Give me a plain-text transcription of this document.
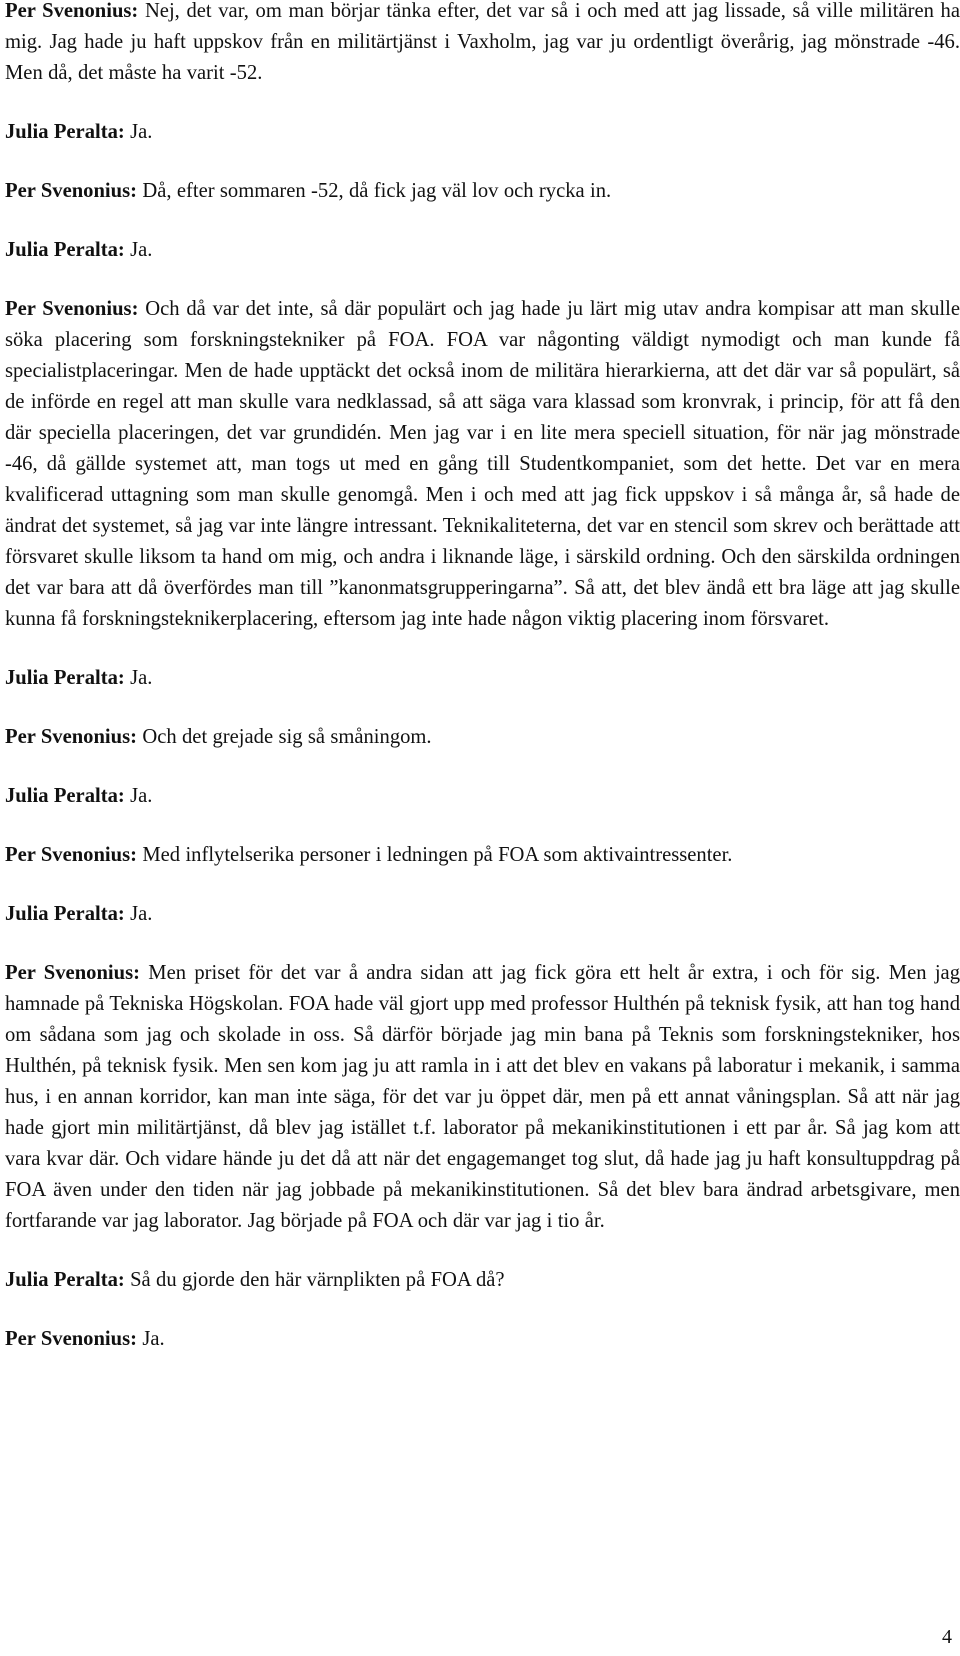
Per Svenonius: Nej, det var, om man börjar tänka efter, det var så i och med att jag lissade, så ville militären ha mig. Jag hade ju haft uppskov från en militärtjänst i Vaxholm, jag var ju ordentligt överårig, jag mönstrade -46. Men då, det måste ha varit -52.

Julia Peralta: Ja.

Per Svenonius: Då, efter sommaren -52, då fick jag väl lov och rycka in.

Julia Peralta: Ja.

Per Svenonius: Och då var det inte, så där populärt och jag hade ju lärt mig utav andra kompisar att man skulle söka placering som forskningstekniker på FOA. FOA var någonting väldigt nymodigt och man kunde få specialistplaceringar. Men de hade upptäckt det också inom de militära hierarkierna, att det där var så populärt, så de införde en regel att man skulle vara nedklassad, så att säga vara klassad som kronvrak, i princip, för att få den där speciella placeringen, det var grundidén. Men jag var i en lite mera speciell situation, för när jag mönstrade -46, då gällde systemet att, man togs ut med en gång till Studentkompaniet, som det hette. Det var en mera kvalificerad uttagning som man skulle genomgå. Men i och med att jag fick uppskov i så många år, så hade de ändrat det systemet, så jag var inte längre intressant. Teknikaliteterna, det var en stencil som skrev och berättade att försvaret skulle liksom ta hand om mig, och andra i liknande läge, i särskild ordning. Och den särskilda ordningen det var bara att då överfördes man till ”kanonmatsgrupperingarna”. Så att, det blev ändå ett bra läge att jag skulle kunna få forskningsteknikerplacering, eftersom jag inte hade någon viktig placering inom försvaret.

Julia Peralta: Ja.

Per Svenonius: Och det grejade sig så småningom.

Julia Peralta: Ja.

Per Svenonius: Med inflytelserika personer i ledningen på FOA som aktivaintressenter.

Julia Peralta: Ja.

Per Svenonius: Men priset för det var å andra sidan att jag fick göra ett helt år extra, i och för sig. Men jag hamnade på Tekniska Högskolan. FOA hade väl gjort upp med professor Hulthén på teknisk fysik, att han tog hand om sådana som jag och skolade in oss. Så därför började jag min bana på Teknis som forskningstekniker, hos Hulthén, på teknisk fysik. Men sen kom jag ju att ramla in i att det blev en vakans på laboratur i mekanik, i samma hus, i en annan korridor, kan man inte säga, för det var ju öppet där, men på ett annat våningsplan. Så att när jag hade gjort min militärtjänst, då blev jag istället t.f. laborator på mekanikinstitutionen i ett par år. Så jag kom att vara kvar där. Och vidare hände ju det då att när det engagemanget tog slut, då hade jag ju haft konsultuppdrag på FOA även under den tiden när jag jobbade på mekanikinstitutionen. Så det blev bara ändrad arbetsgivare, men fortfarande var jag laborator. Jag började på FOA och där var jag i tio år.

Julia Peralta: Så du gjorde den här värnplikten på FOA då?

Per Svenonius: Ja.

4
